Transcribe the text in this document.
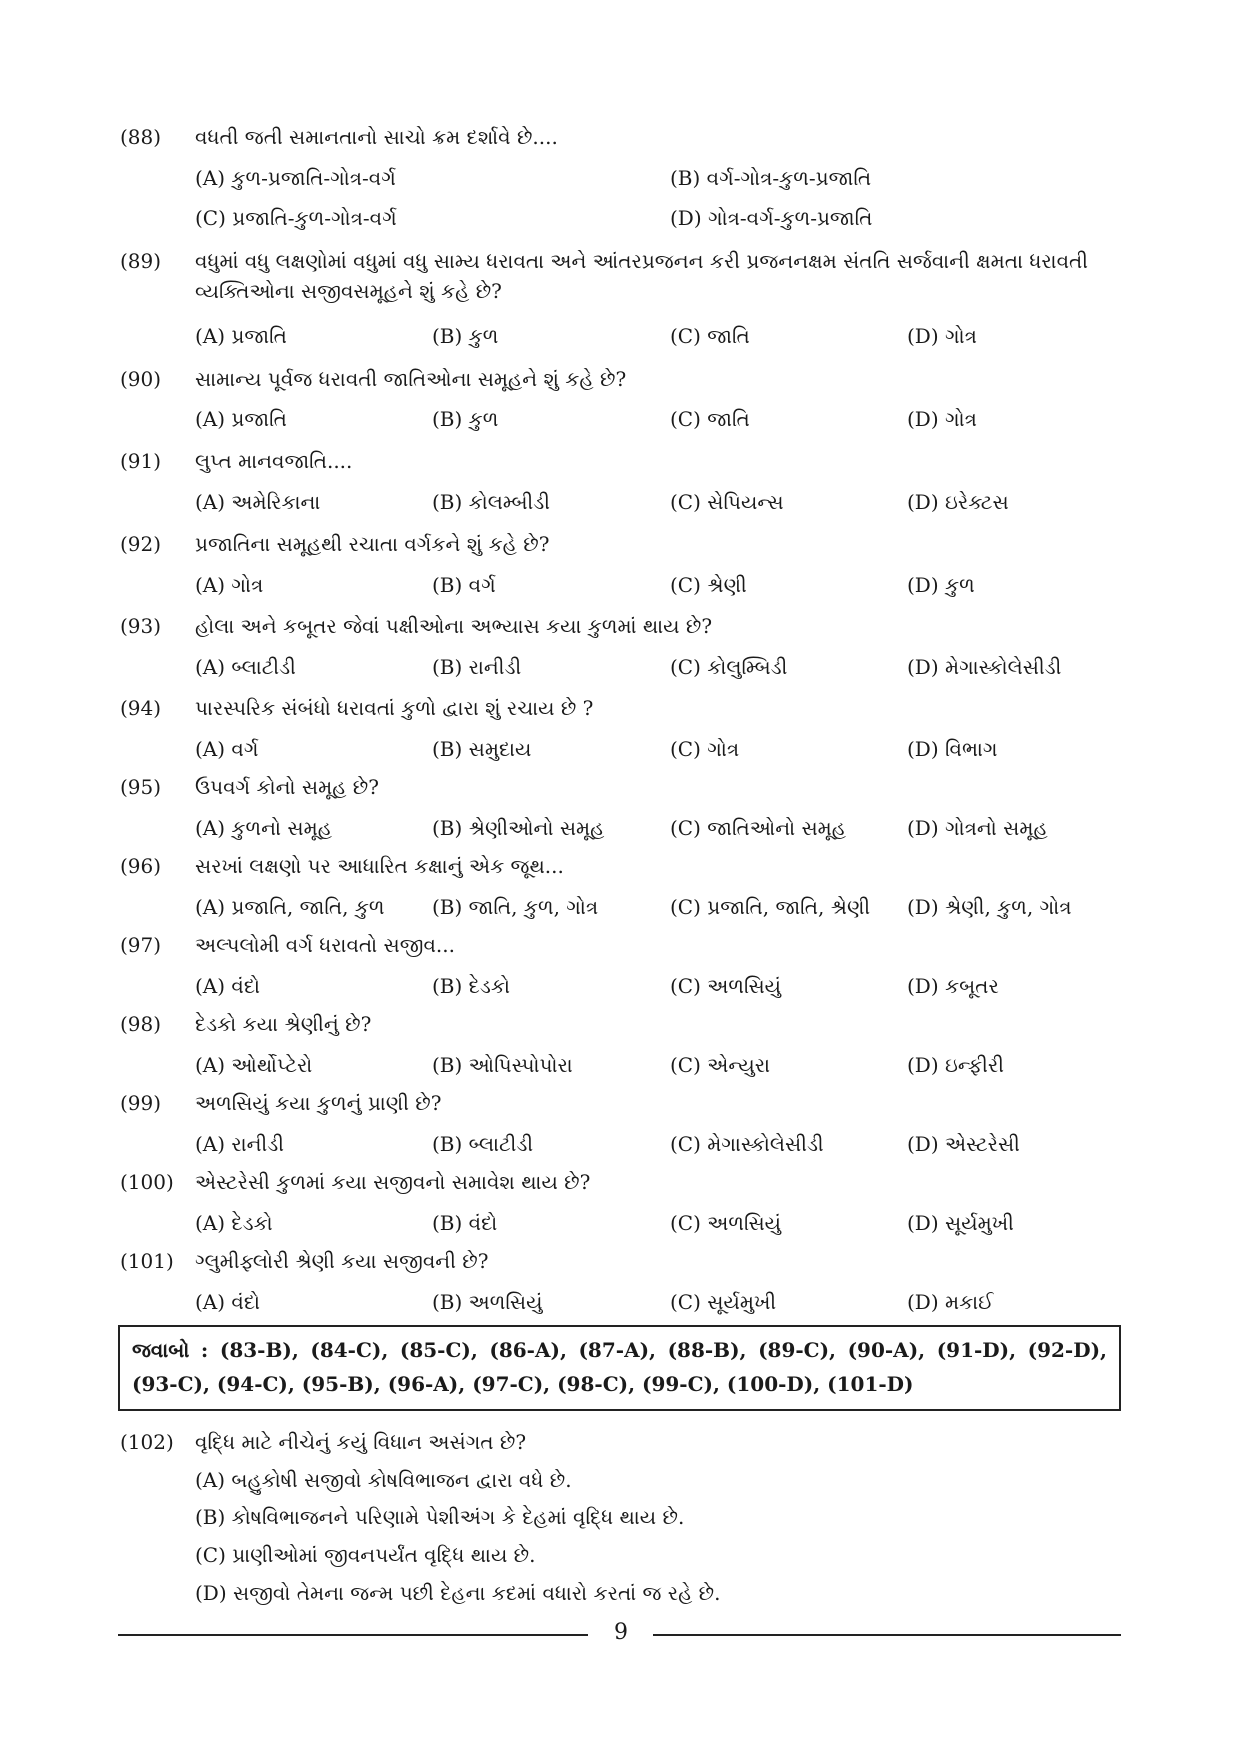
(88)	વધતી જતી સમાનતાનો સાચો ક્રમ દર્શાવે છે....
(A) કુળ-પ્રજાતિ-ગોત્ર-વર્ગ	(B) વર્ગ-ગોત્ર-કુળ-પ્રજાતિ
(C) પ્રજાતિ-કુળ-ગોત્ર-વર્ગ	(D) ગોત્ર-વર્ગ-કુળ-પ્રજાતિ
(89)	વધુમાં વધુ લક્ષણોમાં વધુમાં વધુ સામ્ય ધરાવતા અને આંતરપ્રજનન કરી પ્રજનનક્ષમ સંતતિ સર્જવાની ક્ષમતા ધરાવતી વ્યક્તિઓના સજીવસમૂહને શું કહે છે?
(A) પ્રજાતિ	(B) કુળ	(C) જાતિ	(D) ગોત્ર
(90)	સામાન્ય પૂર્વજ ધરાવતી જાતિઓના સમૂહને શું કહે છે?
(A) પ્રજાતિ	(B) કુળ	(C) જાતિ	(D) ગોત્ર
(91)	લુપ્ત માનવજાતિ....
(A) અમેરિકાના	(B) કોલમ્બીડી	(C) સેપિયન્સ	(D) ઇરેક્ટસ
(92)	પ્રજાતિના સમૂહથી રચાતા વર્ગકને શું કહે છે?
(A) ગોત્ર	(B) વર્ગ	(C) શ્રેણી	(D) કુળ
(93)	હોલા અને કબૂતર જેવાં પક્ષીઓના અભ્યાસ કયા કુળમાં થાય છે?
(A) બ્લાટીડી	(B) રાનીડી	(C) કોલુમ્બિડી	(D) મેગાસ્કોલેસીડી
(94)	પારસ્પરિક સંબંધો ધરાવતાં કુળો દ્વારા શું રચાય છે ?
(A) વર્ગ	(B) સમુદાય	(C) ગોત્ર	(D) વિભાગ
(95)	ઉપવર્ગ કોનો સમૂહ છે?
(A) કુળનો સમૂહ	(B) શ્રેણીઓનો સમૂહ	(C) જાતિઓનો સમૂહ	(D) ગોત્રનો સમૂહ
(96)	સરખાં લક્ષણો પર આધારિત કક્ષાનું એક જૂથ...
(A) પ્રજાતિ, જાતિ, કુળ (B) જાતિ, કુળ, ગોત્ર	(C) પ્રજાતિ, જાતિ, શ્રેણી (D) શ્રેણી, કુળ, ગોત્ર
(97)	અલ્પલોમી વર્ગ ધરાવતો સજીવ...
(A) વંદો	(B) દેડકો	(C) અળસિયું	(D) કબૂતર
(98)	દેડકો કયા શ્રેણીનું છે?
(A) ઓર્થોપ્ટેરો	(B) ઓપિસ્પોપોરા	(C) એન્યુરા	(D) ઇન્ફીરી
(99)	અળસિયું કયા કુળનું પ્રાણી છે?
(A) રાનીડી	(B) બ્લાટીડી	(C) મેગાસ્કોલેસીડી	(D) એસ્ટરેસી
(100)	એસ્ટરેસી કુળમાં કયા સજીવનો સમાવેશ થાય છે?
(A) દેડકો	(B) વંદો	(C) અળસિયું	(D) સૂર્યમુખી
(101)	ગ્લુમીફ્લોરી શ્રેણી કયા સજીવની છે?
(A) વંદો	(B) અળસિયું	(C) સૂર્યમુખી	(D) મકાઈ
જવાબો : (83-B), (84-C), (85-C), (86-A), (87-A), (88-B), (89-C), (90-A), (91-D), (92-D), (93-C), (94-C), (95-B), (96-A), (97-C), (98-C), (99-C), (100-D), (101-D)
(102)	વૃદ્ધિ માટે નીચેનું કયું વિધાન અસંગત છે?
(A) બહુકોષી સજીવો કોષવિભાજન દ્વારા વધે છે.
(B) કોષવિભાજનને પરિણામે પેશીઅંગ કે દેહમાં વૃદ્ધિ થાય છે.
(C) પ્રાણીઓમાં જીવનપર્યંત વૃદ્ધિ થાય છે.
(D) સજીવો તેમના જન્મ પછી દેહના કદમાં વધારો કરતાં જ રહે છે.
9
